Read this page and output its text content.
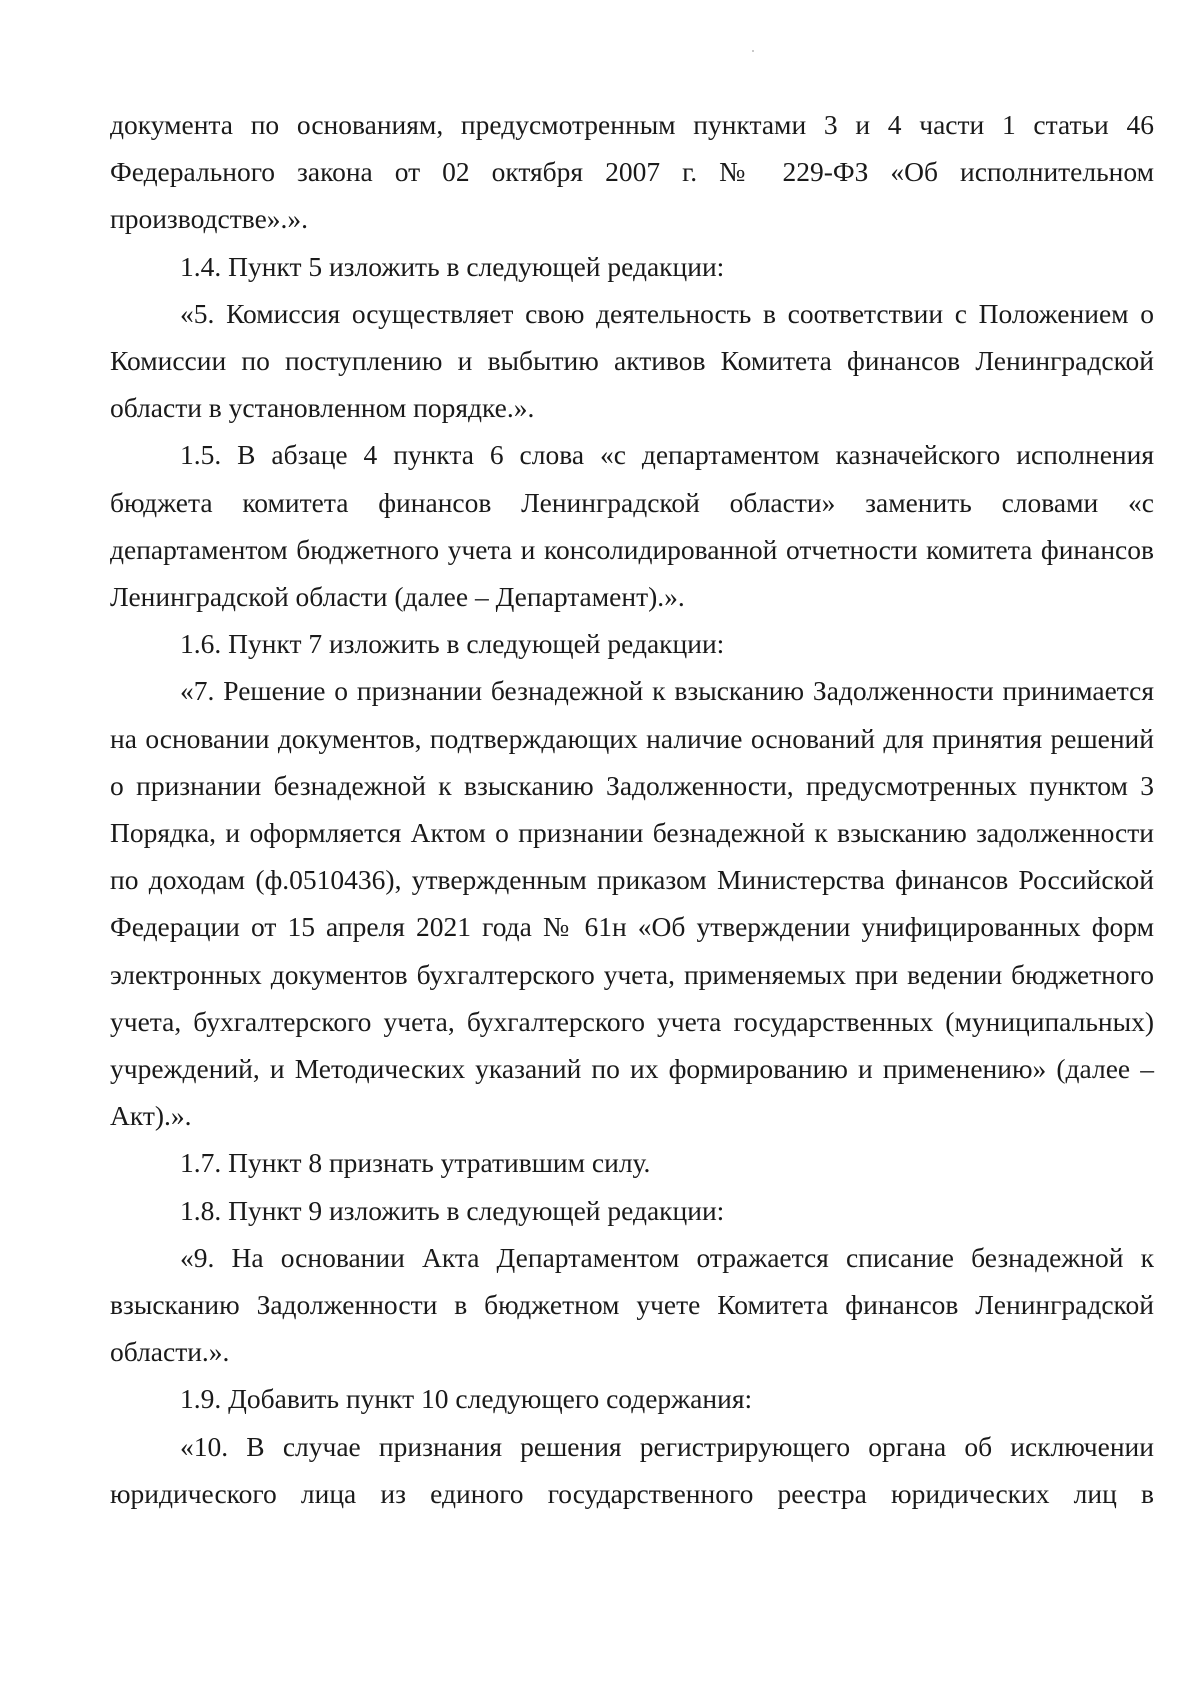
документа по основаниям, предусмотренным пунктами 3 и 4 части 1 статьи 46 Федерального закона от 02 октября 2007 г. № 229-ФЗ «Об исполнительном производстве».».

1.4. Пункт 5 изложить в следующей редакции:

«5. Комиссия осуществляет свою деятельность в соответствии с Положением о Комиссии по поступлению и выбытию активов Комитета финансов Ленинградской области в установленном порядке.».

1.5. В абзаце 4 пункта 6 слова «с департаментом казначейского исполнения бюджета комитета финансов Ленинградской области» заменить словами «с департаментом бюджетного учета и консолидированной отчетности комитета финансов Ленинградской области (далее – Департамент).».

1.6. Пункт 7 изложить в следующей редакции:

«7. Решение о признании безнадежной к взысканию Задолженности принимается на основании документов, подтверждающих наличие оснований для принятия решений о признании безнадежной к взысканию Задолженности, предусмотренных пунктом 3 Порядка, и оформляется Актом о признании безнадежной к взысканию задолженности по доходам (ф.0510436), утвержденным приказом Министерства финансов Российской Федерации от 15 апреля 2021 года № 61н «Об утверждении унифицированных форм электронных документов бухгалтерского учета, применяемых при ведении бюджетного учета, бухгалтерского учета, бухгалтерского учета государственных (муниципальных) учреждений, и Методических указаний по их формированию и применению» (далее – Акт).».

1.7. Пункт 8 признать утратившим силу.

1.8. Пункт 9 изложить в следующей редакции:

«9. На основании Акта Департаментом отражается списание безнадежной к взысканию Задолженности в бюджетном учете Комитета финансов Ленинградской области.».

1.9. Добавить пункт 10 следующего содержания:

«10. В случае признания решения регистрирующего органа об исключении юридического лица из единого государственного реестра юридических лиц в
